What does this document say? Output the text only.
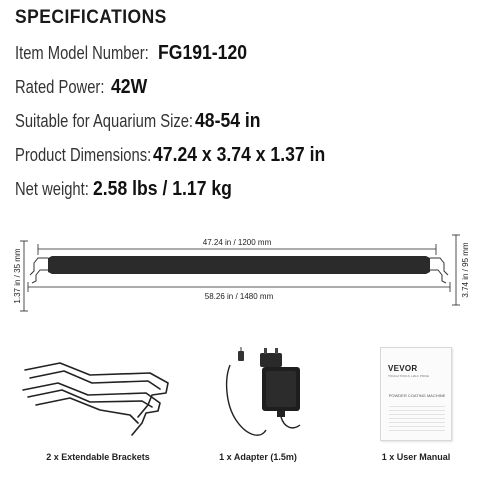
SPECIFICATIONS
Item Model Number: FG191-120
Rated Power: 42W
Suitable for Aquarium Size: 48-54 in
Product Dimensions: 47.24 x 3.74 x 1.37 in
Net weight: 2.58 lbs / 1.17 kg
47.24 in / 1200 mm
58.26 in / 1480 mm
1.37 in / 35 mm	3.74 in / 95 mm
VEVOR
TOUGH TOOLS, HALF PRICE
POWDER COATING MACHINE
2 x Extendable Brackets	1 x Adapter (1.5m)	1 x User Manual
